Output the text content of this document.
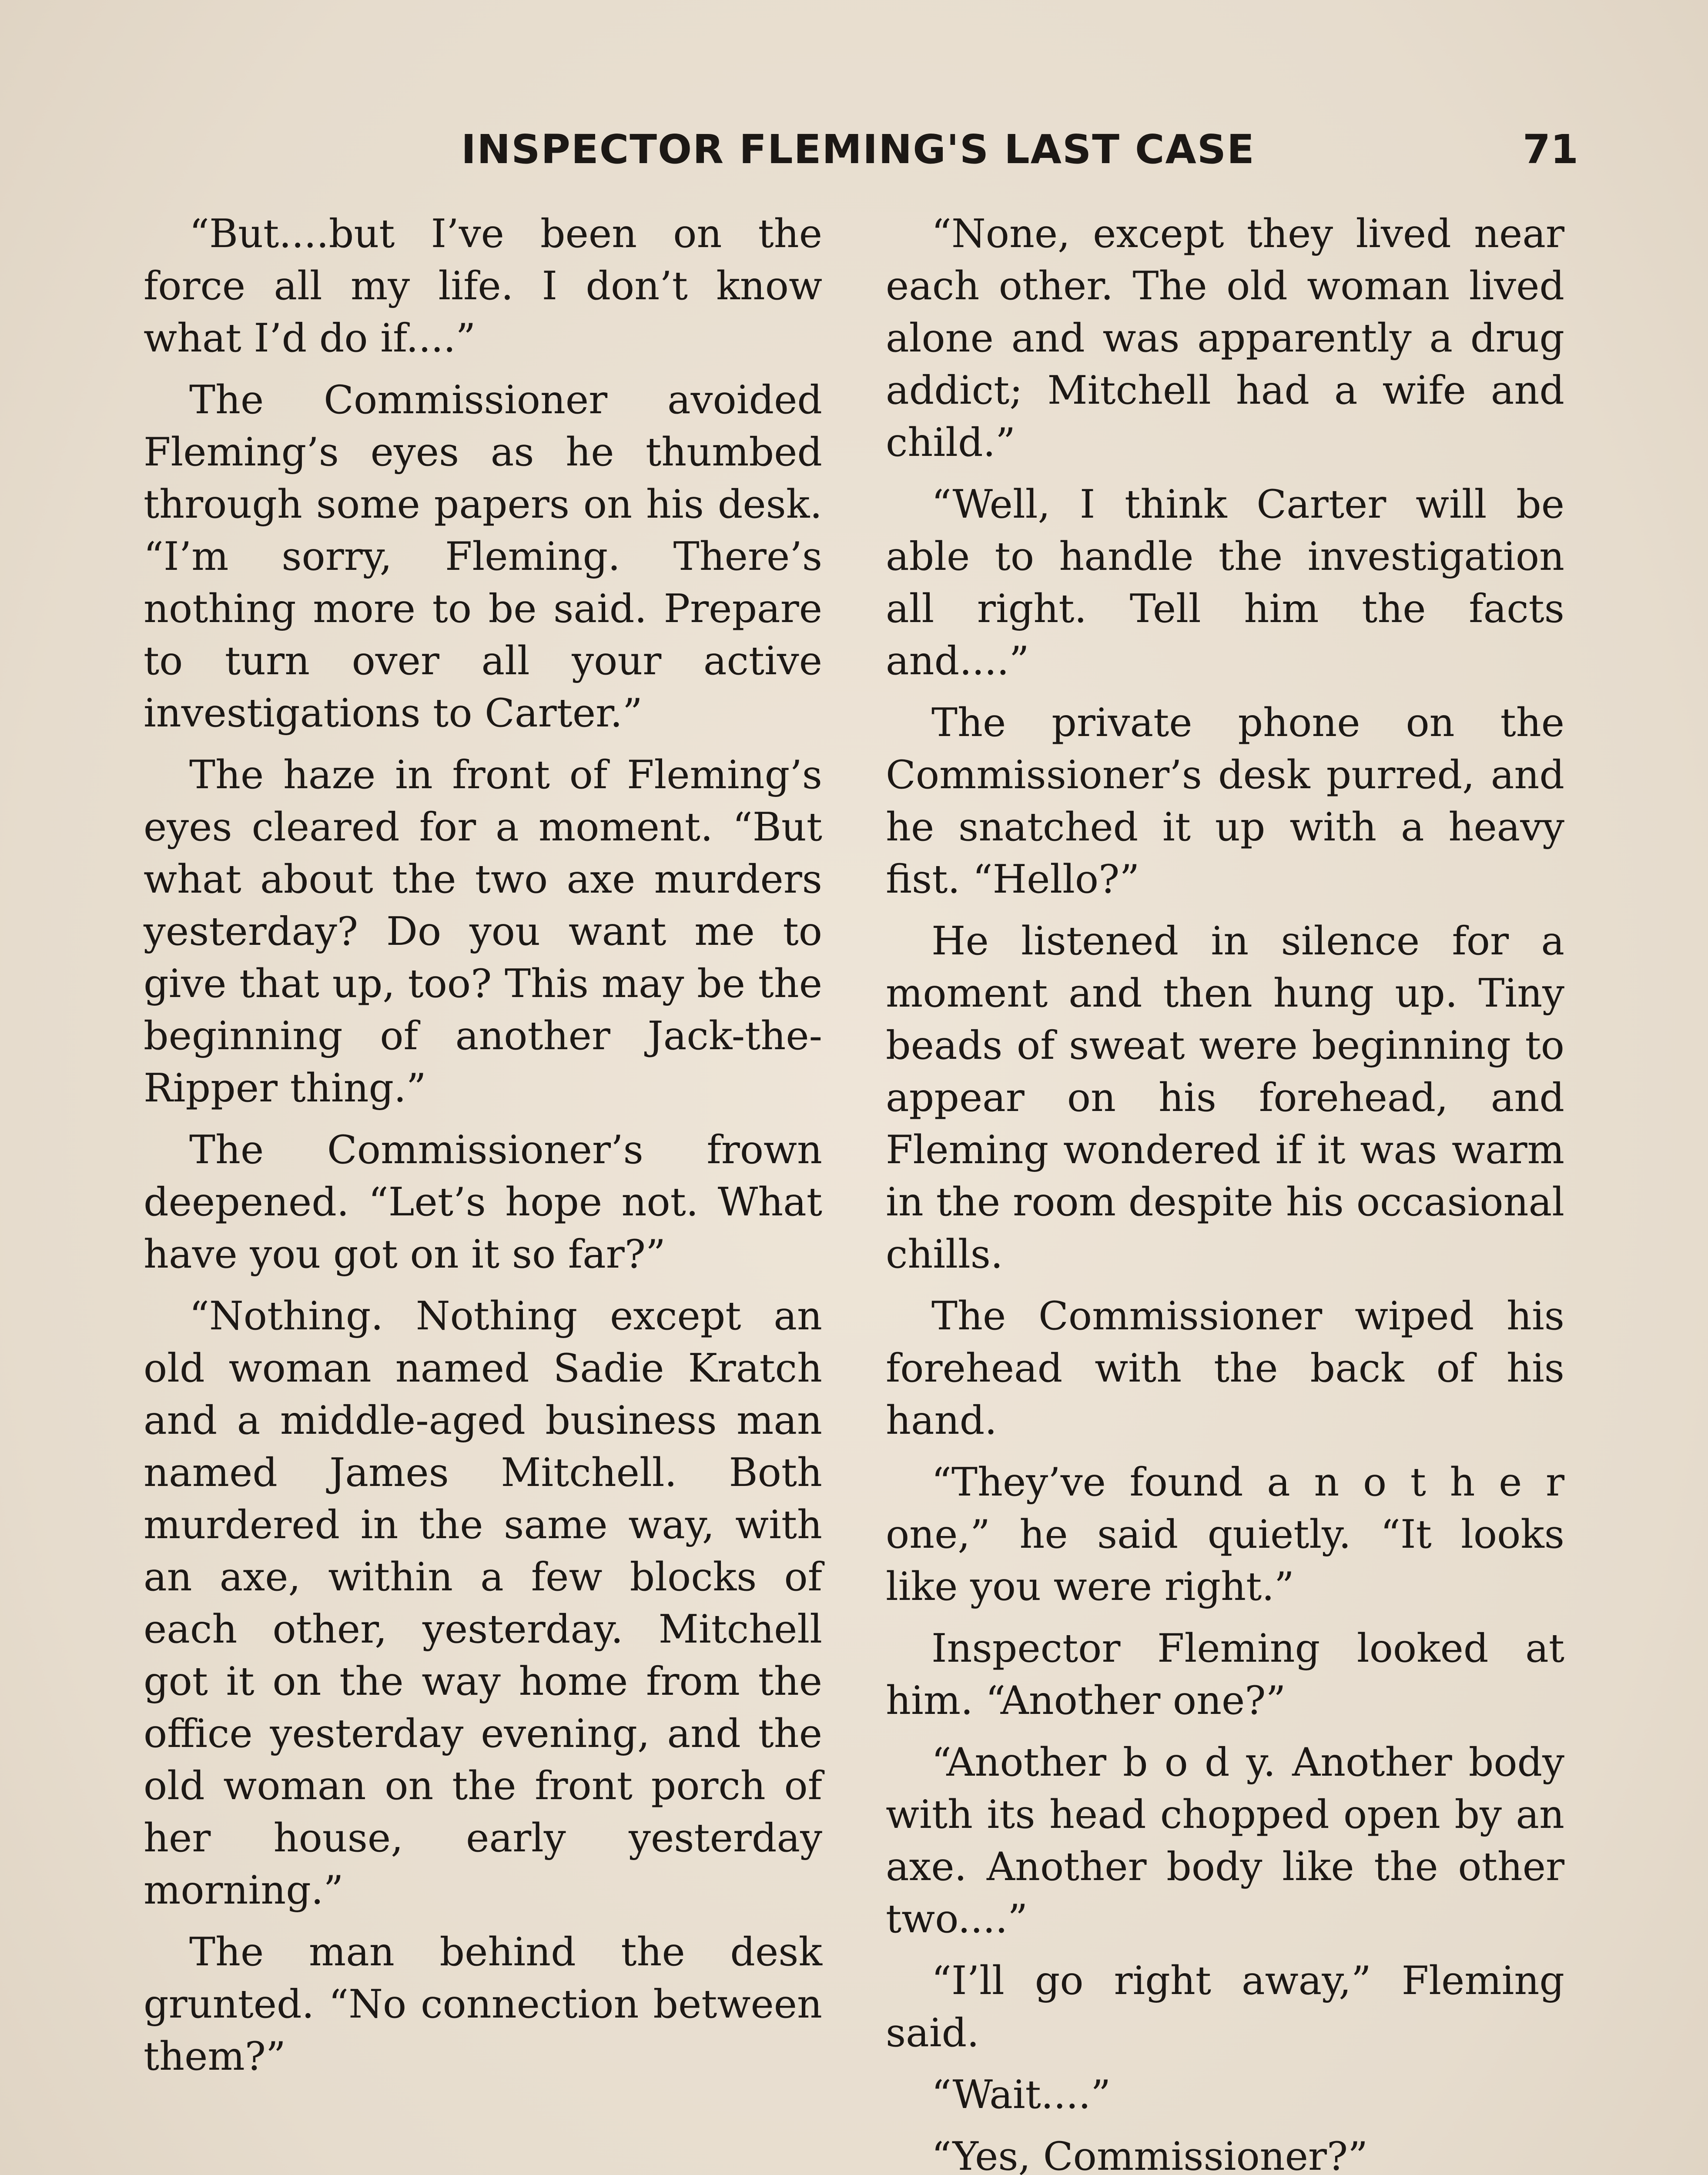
INSPECTOR FLEMING'S LAST CASE	71

“But....but I’ve been on the force all my life. I don’t know what I’d do if....”

The Commissioner avoided Fleming’s eyes as he thumbed through some papers on his desk. “I’m sorry, Fleming. There’s nothing more to be said. Prepare to turn over all your active investigations to Carter.”

The haze in front of Fleming’s eyes cleared for a moment. “But what about the two axe murders yesterday? Do you want me to give that up, too? This may be the beginning of another Jack-the-Ripper thing.”

The Commissioner’s frown deepened. “Let’s hope not. What have you got on it so far?”

“Nothing. Nothing except an old woman named Sadie Kratch and a middle-aged business man named James Mitchell. Both murdered in the same way, with an axe, within a few blocks of each other, yesterday. Mitchell got it on the way home from the office yesterday evening, and the old woman on the front porch of her house, early yesterday morning.”

The man behind the desk grunted. “No connection between them?”

“None, except they lived near each other. The old woman lived alone and was apparently a drug addict; Mitchell had a wife and child.”

“Well, I think Carter will be able to handle the investigation all right. Tell him the facts and....”

The private phone on the Commissioner’s desk purred, and he snatched it up with a heavy fist. “Hello?”

He listened in silence for a moment and then hung up. Tiny beads of sweat were beginning to appear on his forehead, and Fleming wondered if it was warm in the room despite his occasional chills.

The Commissioner wiped his forehead with the back of his hand.

“They’ve found a n o t h e r one,” he said quietly. “It looks like you were right.”

Inspector Fleming looked at him. “Another one?”

“Another b o d y. Another body with its head chopped open by an axe. Another body like the other two....”

“I’ll go right away,” Fleming said.

“Wait....”

“Yes, Commissioner?”
